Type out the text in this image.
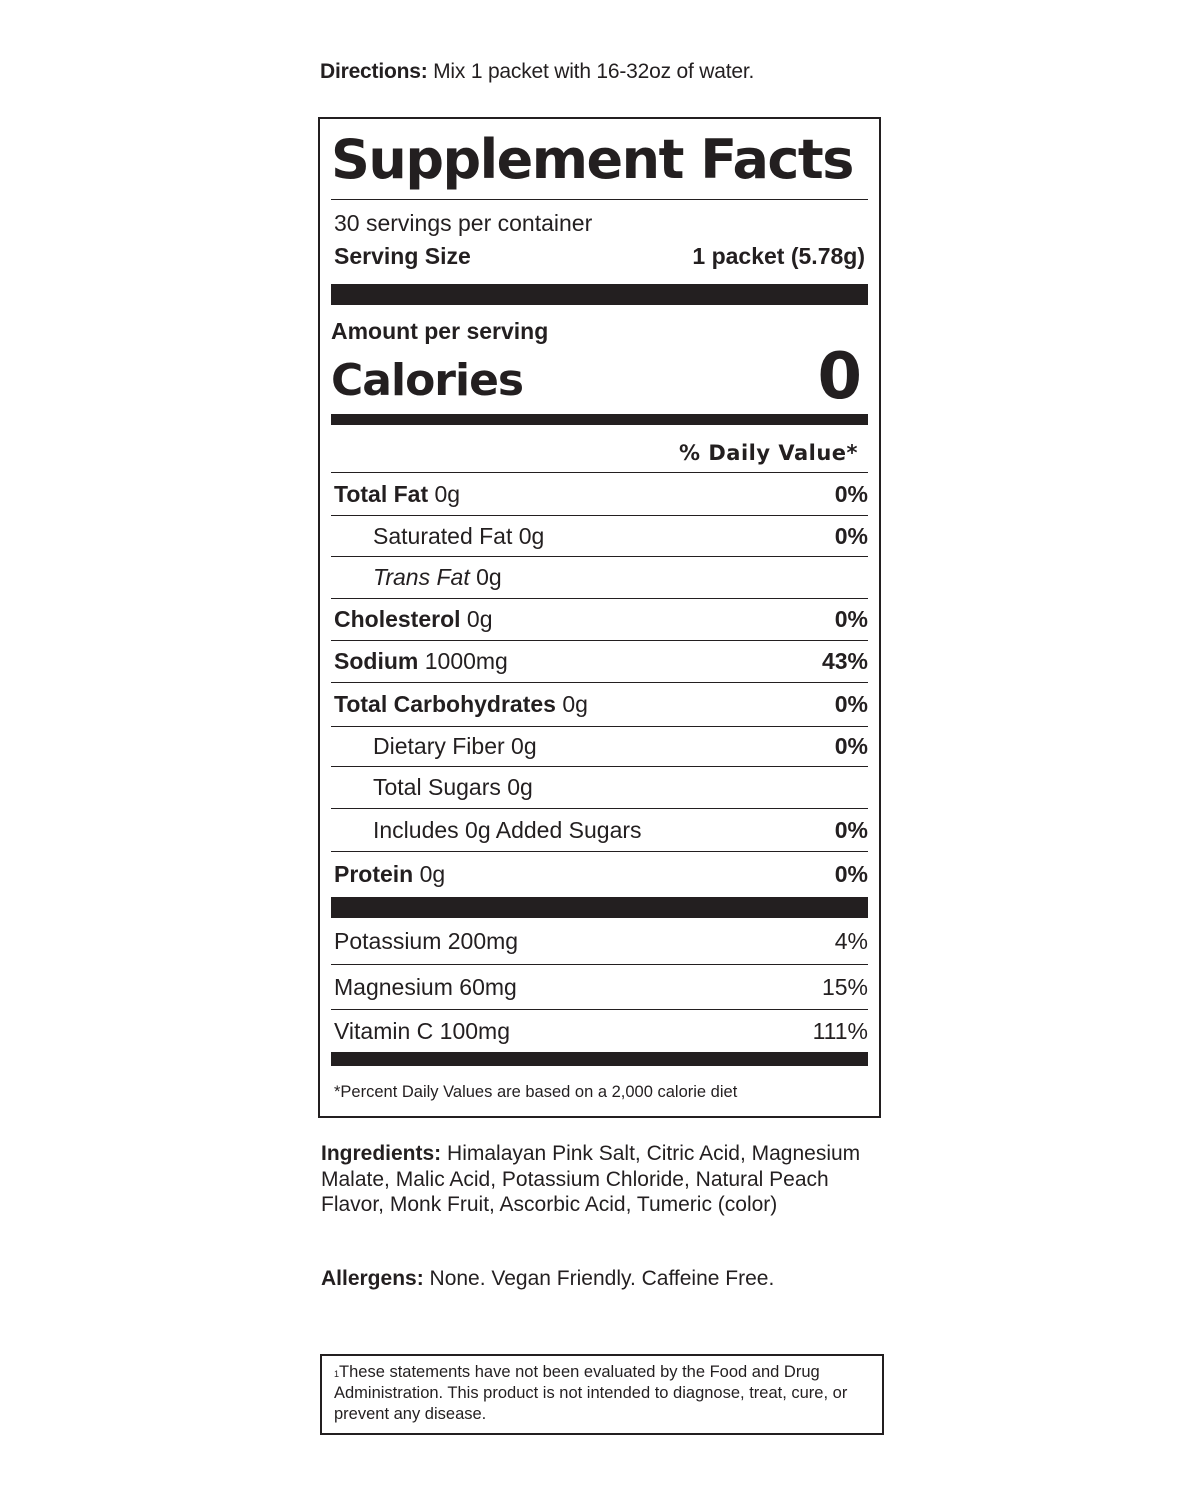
Directions: Mix 1 packet with 16-32oz of water.
Supplement Facts
30 servings per container
Serving Size	1 packet (5.78g)
Amount per serving
Calories	0
% Daily Value*
Total Fat 0g	0%
Saturated Fat 0g	0%
Trans Fat 0g
Cholesterol 0g	0%
Sodium 1000mg	43%
Total Carbohydrates 0g	0%
Dietary Fiber 0g	0%
Total Sugars 0g
Includes 0g Added Sugars	0%
Protein 0g	0%
Potassium 200mg	4%
Magnesium 60mg	15%
Vitamin C 100mg	111%
*Percent Daily Values are based on a 2,000 calorie diet
Ingredients: Himalayan Pink Salt, Citric Acid, Magnesium Malate, Malic Acid, Potassium Chloride, Natural Peach Flavor, Monk Fruit, Ascorbic Acid, Tumeric (color)
Allergens: None. Vegan Friendly. Caffeine Free.
$^1$These statements have not been evaluated by the Food and Drug Administration. This product is not intended to diagnose, treat, cure, or prevent any disease.
